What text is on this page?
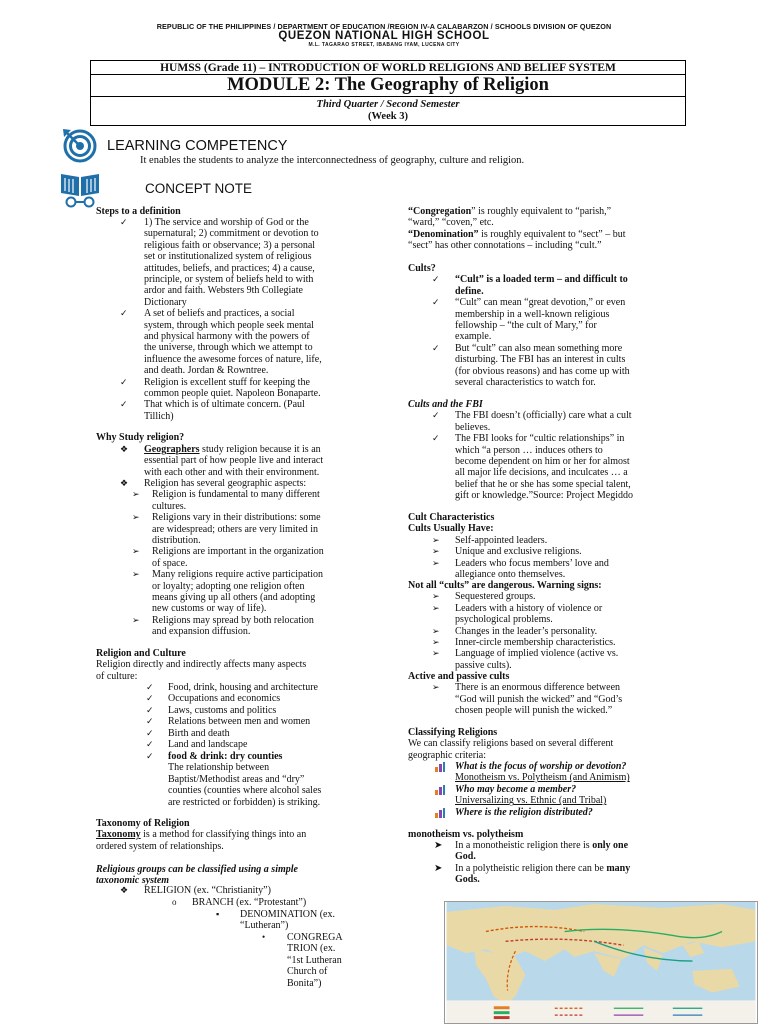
REPUBLIC OF THE PHILIPPINES / DEPARTMENT OF EDUCATION /REGION IV-A CALABARZON / SCHOOLS DIVISION OF QUEZON
QUEZON NATIONAL HIGH SCHOOL
M.L. TAGARAO STREET, IBABANG IYAM, LUCENA CITY
HUMSS (Grade 11) – INTRODUCTION OF WORLD RELIGIONS AND BELIEF SYSTEM
MODULE 2: The Geography of Religion
Third Quarter / Second Semester
(Week 3)
LEARNING COMPETENCY
It enables the students to analyze the interconnectedness of geography, culture and religion.
CONCEPT NOTE
Steps to a definition
✓ 1) The service and worship of God or the
supernatural; 2) commitment or devotion to
religious faith or observance; 3) a personal
set or institutionalized system of religious
attitudes, beliefs, and practices; 4) a cause,
principle, or system of beliefs held to with
ardor and faith. Websters 9th Collegiate
Dictionary
✓ A set of beliefs and practices, a social
system, through which people seek mental
and physical harmony with the powers of
the universe, through which we attempt to
influence the awesome forces of nature, life,
and death. Jordan & Rowntree.
✓ Religion is excellent stuff for keeping the
common people quiet. Napoleon Bonaparte.
✓ That which is of ultimate concern. (Paul
Tillich)
Why Study religion?
❖ Geographers study religion because it is an
essential part of how people live and interact
with each other and with their environment.
❖ Religion has several geographic aspects:
➢ Religion is fundamental to many different
cultures.
➢ Religions vary in their distributions: some
are widespread; others are very limited in
distribution.
➢ Religions are important in the organization
of space.
➢ Many religions require active participation
or loyalty; adopting one religion often
means giving up all others (and adopting
new customs or way of life).
➢ Religions may spread by both relocation
and expansion diffusion.
Religion and Culture
Religion directly and indirectly affects many aspects
of culture:
✓ Food, drink, housing and architecture
✓ Occupations and economics
✓ Laws, customs and politics
✓ Relations between men and women
✓ Birth and death
✓ Land and landscape
✓ food & drink: dry counties
The relationship between
Baptist/Methodist areas and “dry”
counties (counties where alcohol sales
are restricted or forbidden) is striking.
Taxonomy of Religion
Taxonomy is a method for classifying things into an
ordered system of relationships.
Religious groups can be classified using a simple
taxonomic system
❖ RELIGION (ex. “Christianity”)
o BRANCH (ex. “Protestant”)
▪ DENOMINATION (ex.
“Lutheran”)
• CONGREGA
TRION (ex.
“1st Lutheran
Church of
Bonita”)
“Congregation” is roughly equivalent to “parish,”
“ward,” “coven,” etc.
“Denomination” is roughly equivalent to “sect” – but
“sect” has other connotations – including “cult.”
Cults?
✓ “Cult” is a loaded term – and difficult to
define.
✓ “Cult” can mean “great devotion,” or even
membership in a well-known religious
fellowship – “the cult of Mary,” for
example.
✓ But “cult” can also mean something more
disturbing. The FBI has an interest in cults
(for obvious reasons) and has come up with
several characteristics to watch for.
Cults and the FBI
✓ The FBI doesn’t (officially) care what a cult
believes.
✓ The FBI looks for “cultic relationships” in
which “a person … induces others to
become dependent on him or her for almost
all major life decisions, and inculcates … a
belief that he or she has some special talent,
gift or knowledge.”Source: Project Megiddo
Cult Characteristics
Cults Usually Have:
➢ Self-appointed leaders.
➢ Unique and exclusive religions.
➢ Leaders who focus members’ love and
allegiance onto themselves.
Not all “cults” are dangerous. Warning signs:
➢ Sequestered groups.
➢ Leaders with a history of violence or
psychological problems.
➢ Changes in the leader’s personality.
➢ Inner-circle membership characteristics.
➢ Language of implied violence (active vs.
passive cults).
Active and passive cults
➢ There is an enormous difference between
“God will punish the wicked” and “God’s
chosen people will punish the wicked.”
Classifying Religions
We can classify religions based on several different
geographic criteria:
What is the focus of worship or devotion?
Monotheism vs. Polytheism (and Animism)
Who may become a member?
Universalizing vs. Ethnic (and Tribal)
Where is the religion distributed?
monotheism vs. polytheism
➤ In a monotheistic religion there is only one
God.
➤ In a polytheistic religion there can be many
Gods.
